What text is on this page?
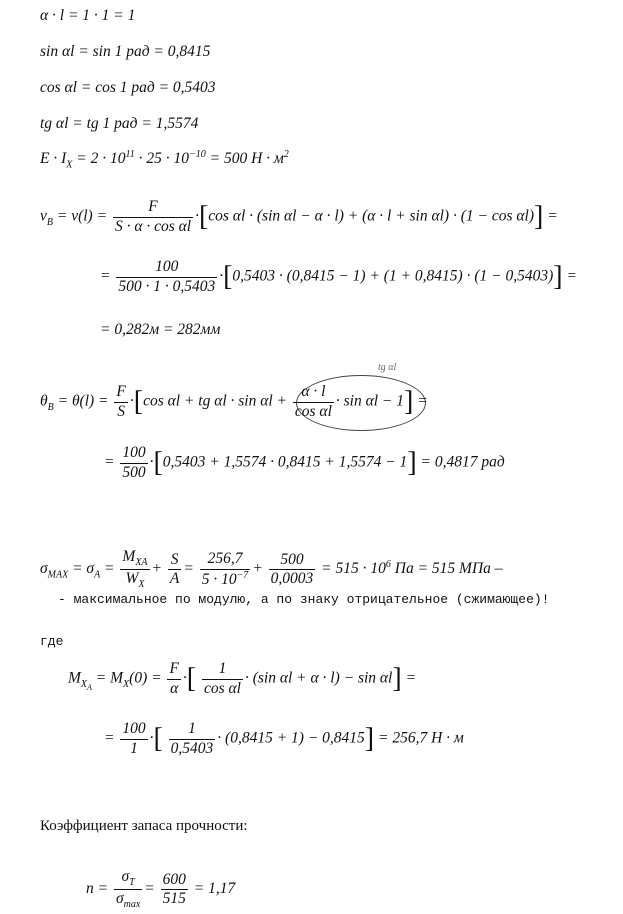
α · l = 1 · 1 = 1
sin αl = sin 1 рад = 0,8415
cos αl = cos 1 рад = 0,5403
tg αl = tg 1 рад = 1,5574
$E \cdot I_X = 2 \cdot 10^{11} \cdot 25 \cdot 10^{-10} = 500$ $Н \cdot м^2$
$v_B = v(l) = \frac{F}{\text{S · α · cos αl}} \cdot[\cos$ αl · (sin αl − α · l) + (α · l + sin αl) · (1 − cos αl)] =
= $\frac{100}{500 \cdot 1 \cdot 0,5403} \cdot[0,5403 \cdot (0,8415 - 1) + (1 + 0,8415) \cdot (1 - 0,5403)]$ =
= 0,282м = 282мм
tg αl
$\theta_B = \theta(l) = \frac{F}{S} \cdot[\cos$ αl + tg $\alpha l \cdot \sin \alpha l + \frac{\alpha \cdot l}{\text{cos αl}} \cdot \sin \alpha l - 1$] =
= $\frac{100}{500} \cdot[0,5403 + 1,5574 \cdot 0,8415 + 1,5574 - 1] = 0,4817$ рад
$\sigma_{MAX} = \sigma_A = \frac{M_{XA}}{W_X} + \frac{S}{A} = \frac{256,7}{5 \cdot 10^{-7}} + \frac{500}{0,0003} = 515 \cdot 10^6$ Па = 515 МПа –
- максимальное по модулю, а по знаку отрицательное (сжимающее)!
где
$M_{X_A} = M_X(0) = \frac{F}{\alpha}$ ·[ $\frac{1}{\text{cos αl}} \cdot (\sin$ αl + α · l) − sin αl] =
= $\frac{100}{1}$ ·[ $\frac{1}{0,5403} \cdot (0,8415 + 1) - 0,8415] = 256,7$ Н · м
Коэффициент запаса прочности:
$n = \frac{\sigma_T}{\sigma_{max}} = \frac{600}{515} = 1,17$
